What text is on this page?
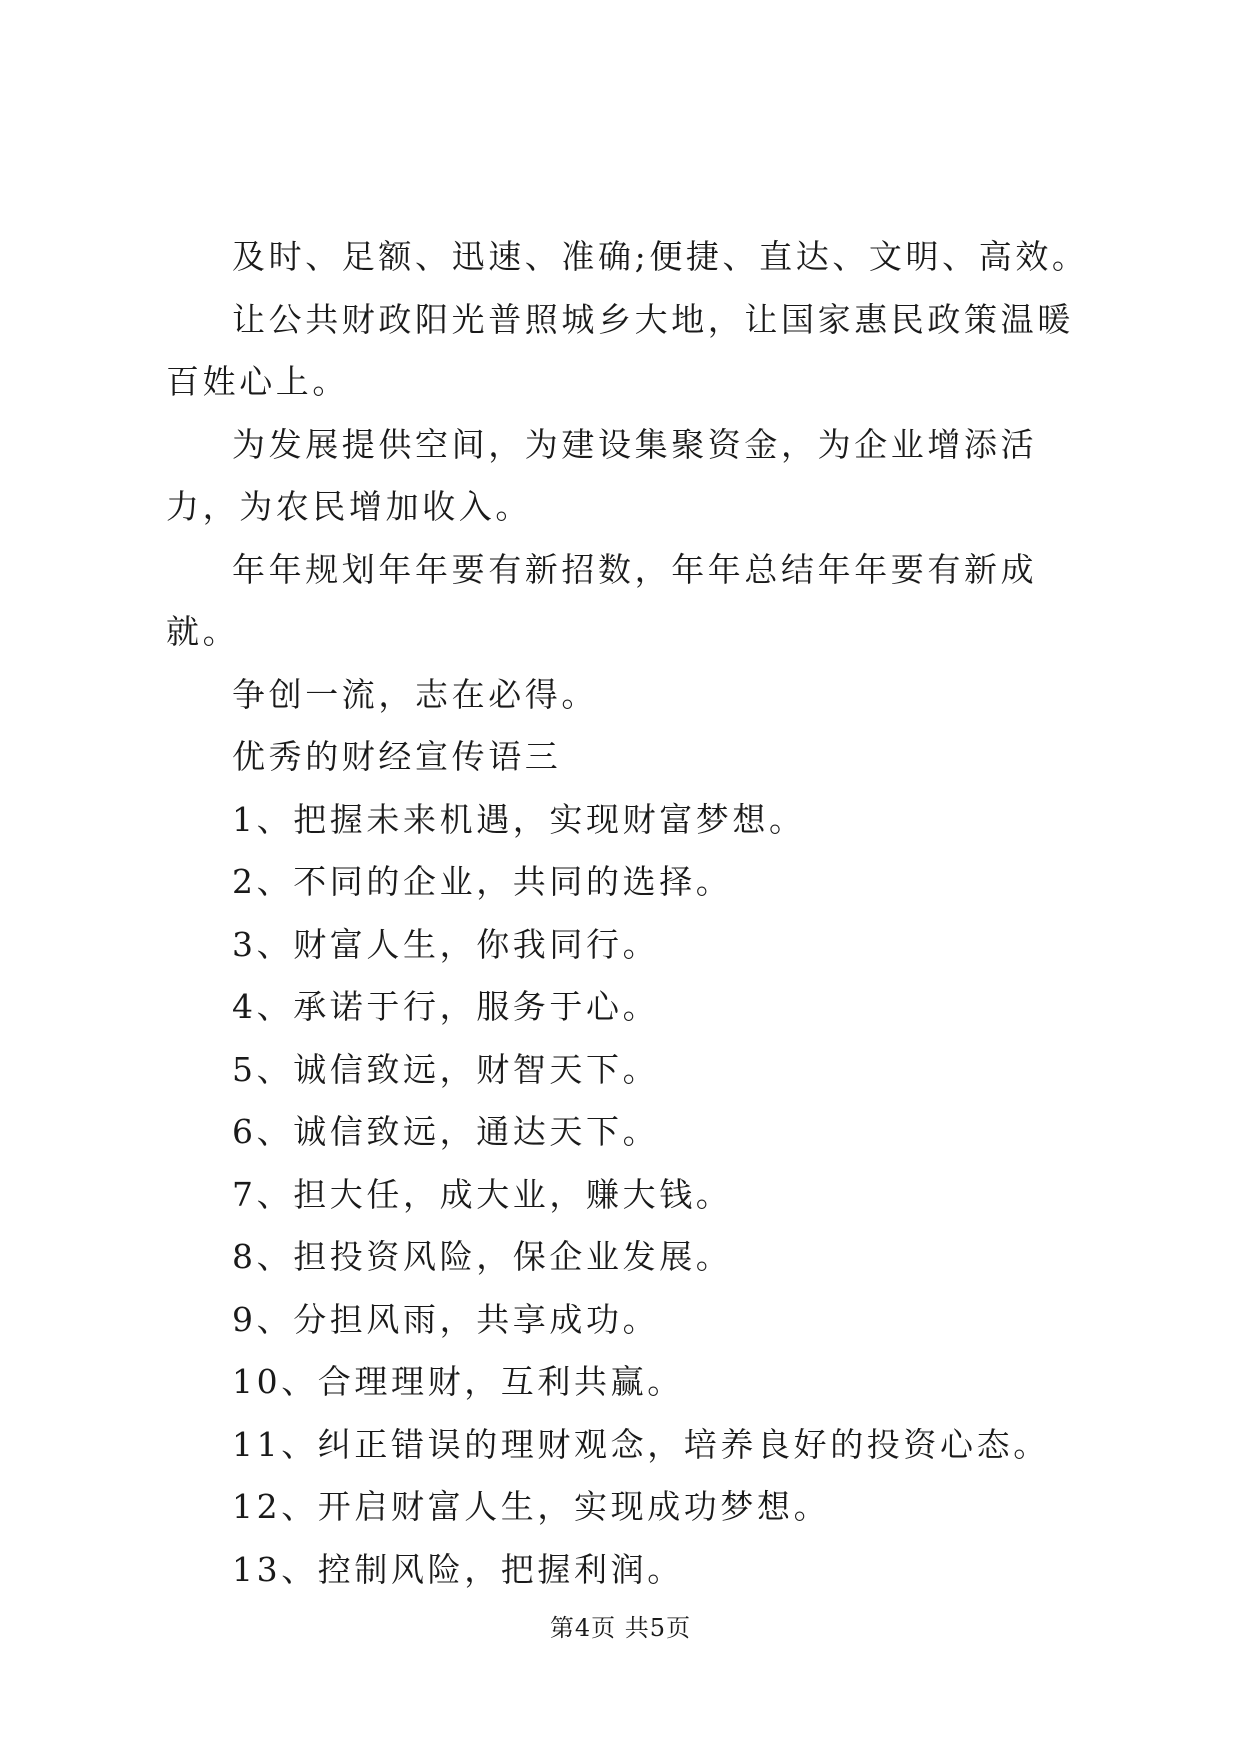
及时、足额、迅速、准确;便捷、直达、文明、高效。

让公共财政阳光普照城乡大地，让国家惠民政策温暖百姓心上。

为发展提供空间，为建设集聚资金，为企业增添活力，为农民增加收入。

年年规划年年要有新招数，年年总结年年要有新成就。

争创一流，志在必得。

优秀的财经宣传语三

1、把握未来机遇，实现财富梦想。

2、不同的企业，共同的选择。

3、财富人生，你我同行。

4、承诺于行，服务于心。

5、诚信致远，财智天下。

6、诚信致远，通达天下。

7、担大任，成大业，赚大钱。

8、担投资风险，保企业发展。

9、分担风雨，共享成功。

10、合理理财，互利共赢。

11、纠正错误的理财观念，培养良好的投资心态。

12、开启财富人生，实现成功梦想。

13、控制风险，把握利润。

第4页 共5页
